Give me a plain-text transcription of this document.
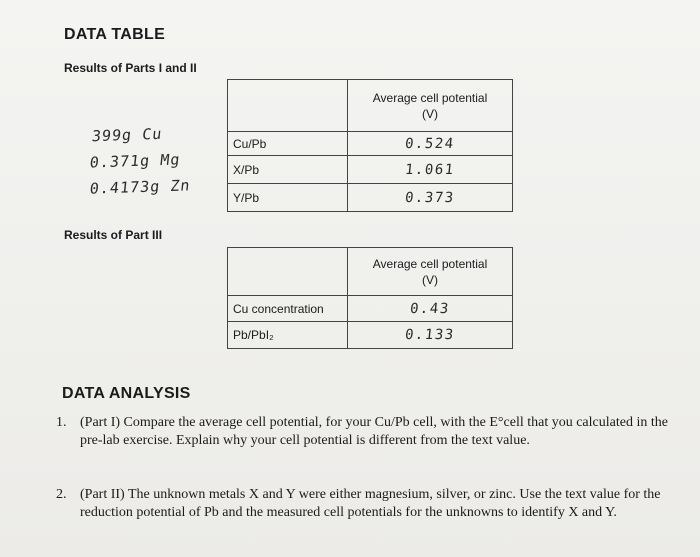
DATA TABLE
Results of Parts I and II
399g Cu
0.371g Mg
0.4173g Zn

	Average cell potential
(V)

Cu/Pb	0.524
X/Pb	1.061
Y/Pb	0.373
Results of Part III

	Average cell potential
(V)

Cu concentration	0.43
Pb/PbI₂	0.133
DATA ANALYSIS
1. (Part I) Compare the average cell potential, for your Cu/Pb cell, with the E°cell that you calculated in the pre-lab exercise. Explain why your cell potential is different from the text value.
2. (Part II) The unknown metals X and Y were either magnesium, silver, or zinc. Use the text value for the reduction potential of Pb and the measured cell potentials for the unknowns to identify X and Y.
